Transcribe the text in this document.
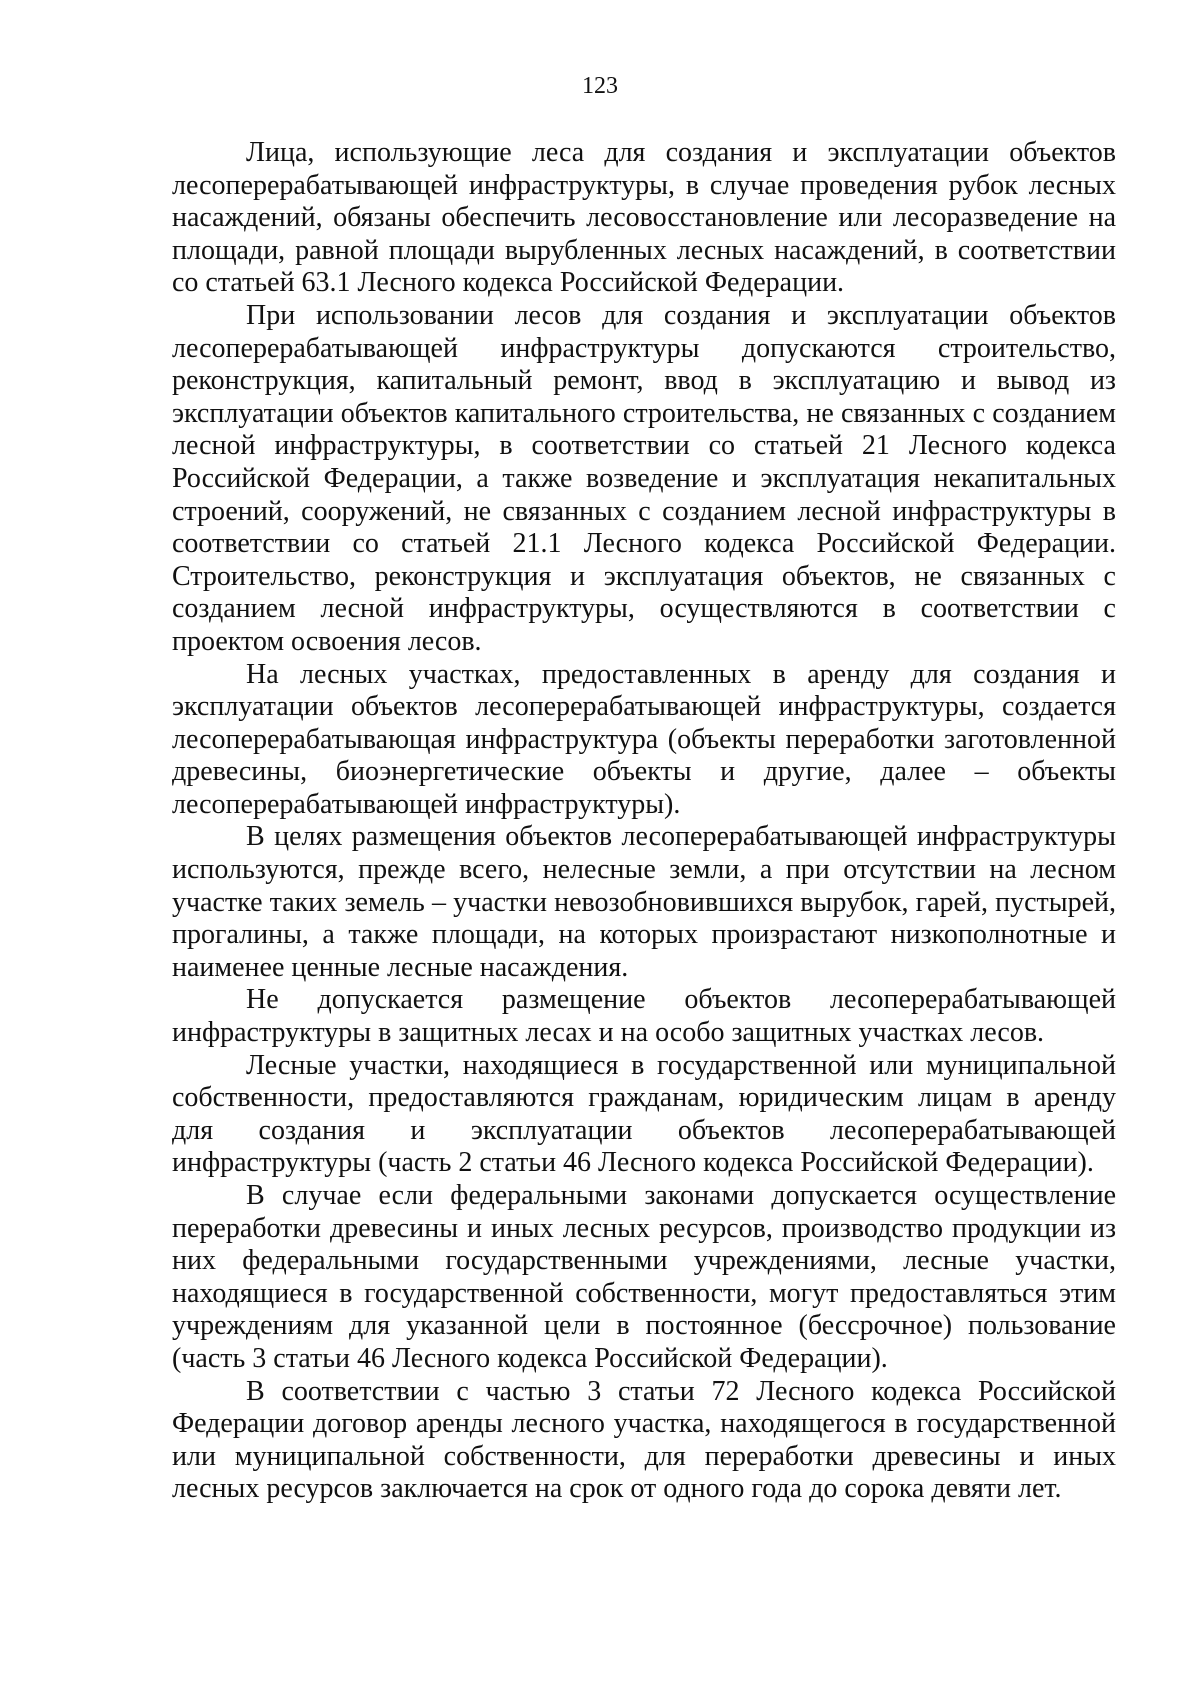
123

Лица, использующие леса для создания и эксплуатации объектов лесоперерабатывающей инфраструктуры, в случае проведения рубок лесных насаждений, обязаны обеспечить лесовосстановление или лесоразведение на площади, равной площади вырубленных лесных насаждений, в соответствии со статьей 63.1 Лесного кодекса Российской Федерации.

При использовании лесов для создания и эксплуатации объектов лесоперерабатывающей инфраструктуры допускаются строительство, реконструкция, капитальный ремонт, ввод в эксплуатацию и вывод из эксплуатации объектов капитального строительства, не связанных с созданием лесной инфраструктуры, в соответствии со статьей 21 Лесного кодекса Российской Федерации, а также возведение и эксплуатация некапитальных строений, сооружений, не связанных с созданием лесной инфраструктуры в соответствии со статьей 21.1 Лесного кодекса Российской Федерации. Строительство, реконструкция и эксплуатация объектов, не связанных с созданием лесной инфраструктуры, осуществляются в соответствии с проектом освоения лесов.

На лесных участках, предоставленных в аренду для создания и эксплуатации объектов лесоперерабатывающей инфраструктуры, создается лесоперерабатывающая инфраструктура (объекты переработки заготовленной древесины, биоэнергетические объекты и другие, далее – объекты лесоперерабатывающей инфраструктуры).

В целях размещения объектов лесоперерабатывающей инфраструктуры используются, прежде всего, нелесные земли, а при отсутствии на лесном участке таких земель – участки невозобновившихся вырубок, гарей, пустырей, прогалины, а также площади, на которых произрастают низкополнотные и наименее ценные лесные насаждения.

Не допускается размещение объектов лесоперерабатывающей инфраструктуры в защитных лесах и на особо защитных участках лесов.

Лесные участки, находящиеся в государственной или муниципальной собственности, предоставляются гражданам, юридическим лицам в аренду для создания и эксплуатации объектов лесоперерабатывающей инфраструктуры (часть 2 статьи 46 Лесного кодекса Российской Федерации).

В случае если федеральными законами допускается осуществление переработки древесины и иных лесных ресурсов, производство продукции из них федеральными государственными учреждениями, лесные участки, находящиеся в государственной собственности, могут предоставляться этим учреждениям для указанной цели в постоянное (бессрочное) пользование (часть 3 статьи 46 Лесного кодекса Российской Федерации).

В соответствии с частью 3 статьи 72 Лесного кодекса Российской Федерации договор аренды лесного участка, находящегося в государственной или муниципальной собственности, для переработки древесины и иных лесных ресурсов заключается на срок от одного года до сорока девяти лет.
